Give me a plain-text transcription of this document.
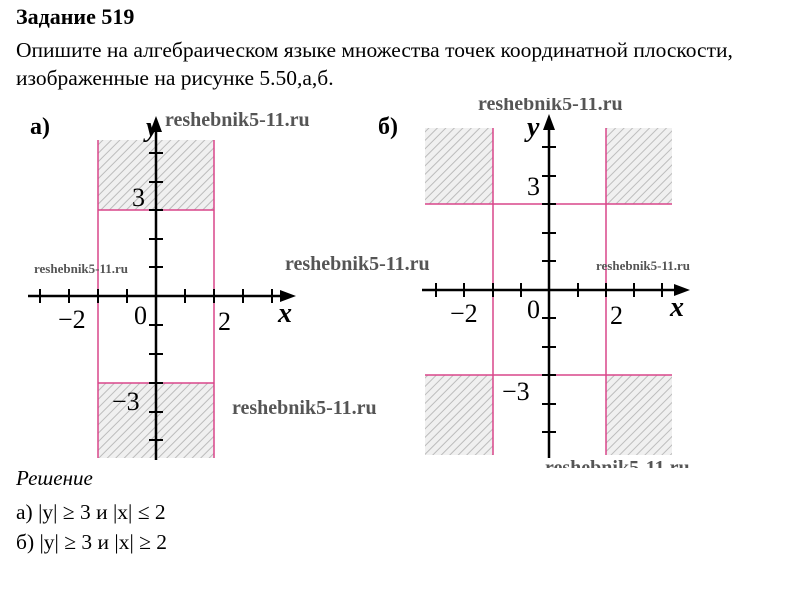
Задание 519
Опишите на алгебраическом языке множества точек координатной плоскости, изображенные на рисунке 5.50,а,б.
а)	y
x
−2 0	2
3
−3
б)	y
x
−2 0	2
3
−3
reshebnik5-11.ru
reshebnik5-11.ru
reshebnik5-11.ru	reshebnik5-11.ru	reshebnik5-11.ru
reshebnik5-11.ru
reshebnik5-11.ru
Решение
а) |y| ≥ 3 и |x| ≤ 2
б) |y| ≥ 3 и |x| ≥ 2
